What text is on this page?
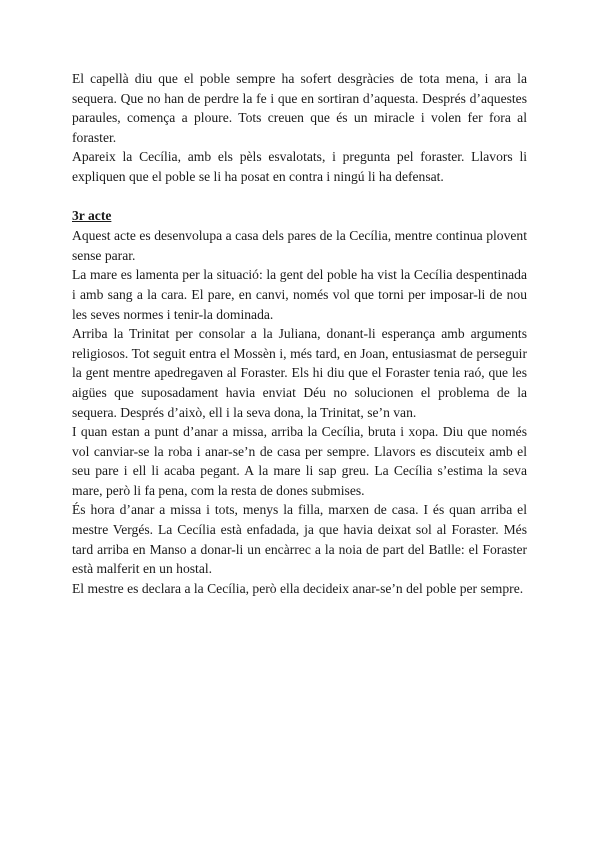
El capellà diu que el poble sempre ha sofert desgràcies de tota mena, i ara la sequera. Que no han de perdre la fe i que en sortiran d’aquesta. Després d’aquestes paraules, comença a ploure. Tots creuen que és un miracle i volen fer fora al foraster.

Apareix la Cecília, amb els pèls esvalotats, i pregunta pel foraster. Llavors li expliquen que el poble se li ha posat en contra i ningú li ha defensat.

3r acte

Aquest acte es desenvolupa a casa dels pares de la Cecília, mentre continua plovent sense parar.

La mare es lamenta per la situació: la gent del poble ha vist la Cecília despentinada i amb sang a la cara. El pare, en canvi, només vol que torni per imposar-li de nou les seves normes i tenir-la dominada.

Arriba la Trinitat per consolar a la Juliana, donant-li esperança amb arguments religiosos. Tot seguit entra el Mossèn i, més tard, en Joan, entusiasmat de perseguir la gent mentre apedregaven al Foraster. Els hi diu que el Foraster tenia raó, que les aigües que suposadament havia enviat Déu no solucionen el problema de la sequera. Després d’això, ell i la seva dona, la Trinitat, se’n van.

I quan estan a punt d’anar a missa, arriba la Cecília, bruta i xopa. Diu que només vol canviar-se la roba i anar-se’n de casa per sempre. Llavors es discuteix amb el seu pare i ell li acaba pegant. A la mare li sap greu. La Cecília s’estima la seva mare, però li fa pena, com la resta de dones submises.

És hora d’anar a missa i tots, menys la filla, marxen de casa. I és quan arriba el mestre Vergés. La Cecília està enfadada, ja que havia deixat sol al Foraster. Més tard arriba en Manso a donar-li un encàrrec a la noia de part del Batlle: el Foraster està malferit en un hostal.

El mestre es declara a la Cecília, però ella decideix anar-se’n del poble per sempre.
